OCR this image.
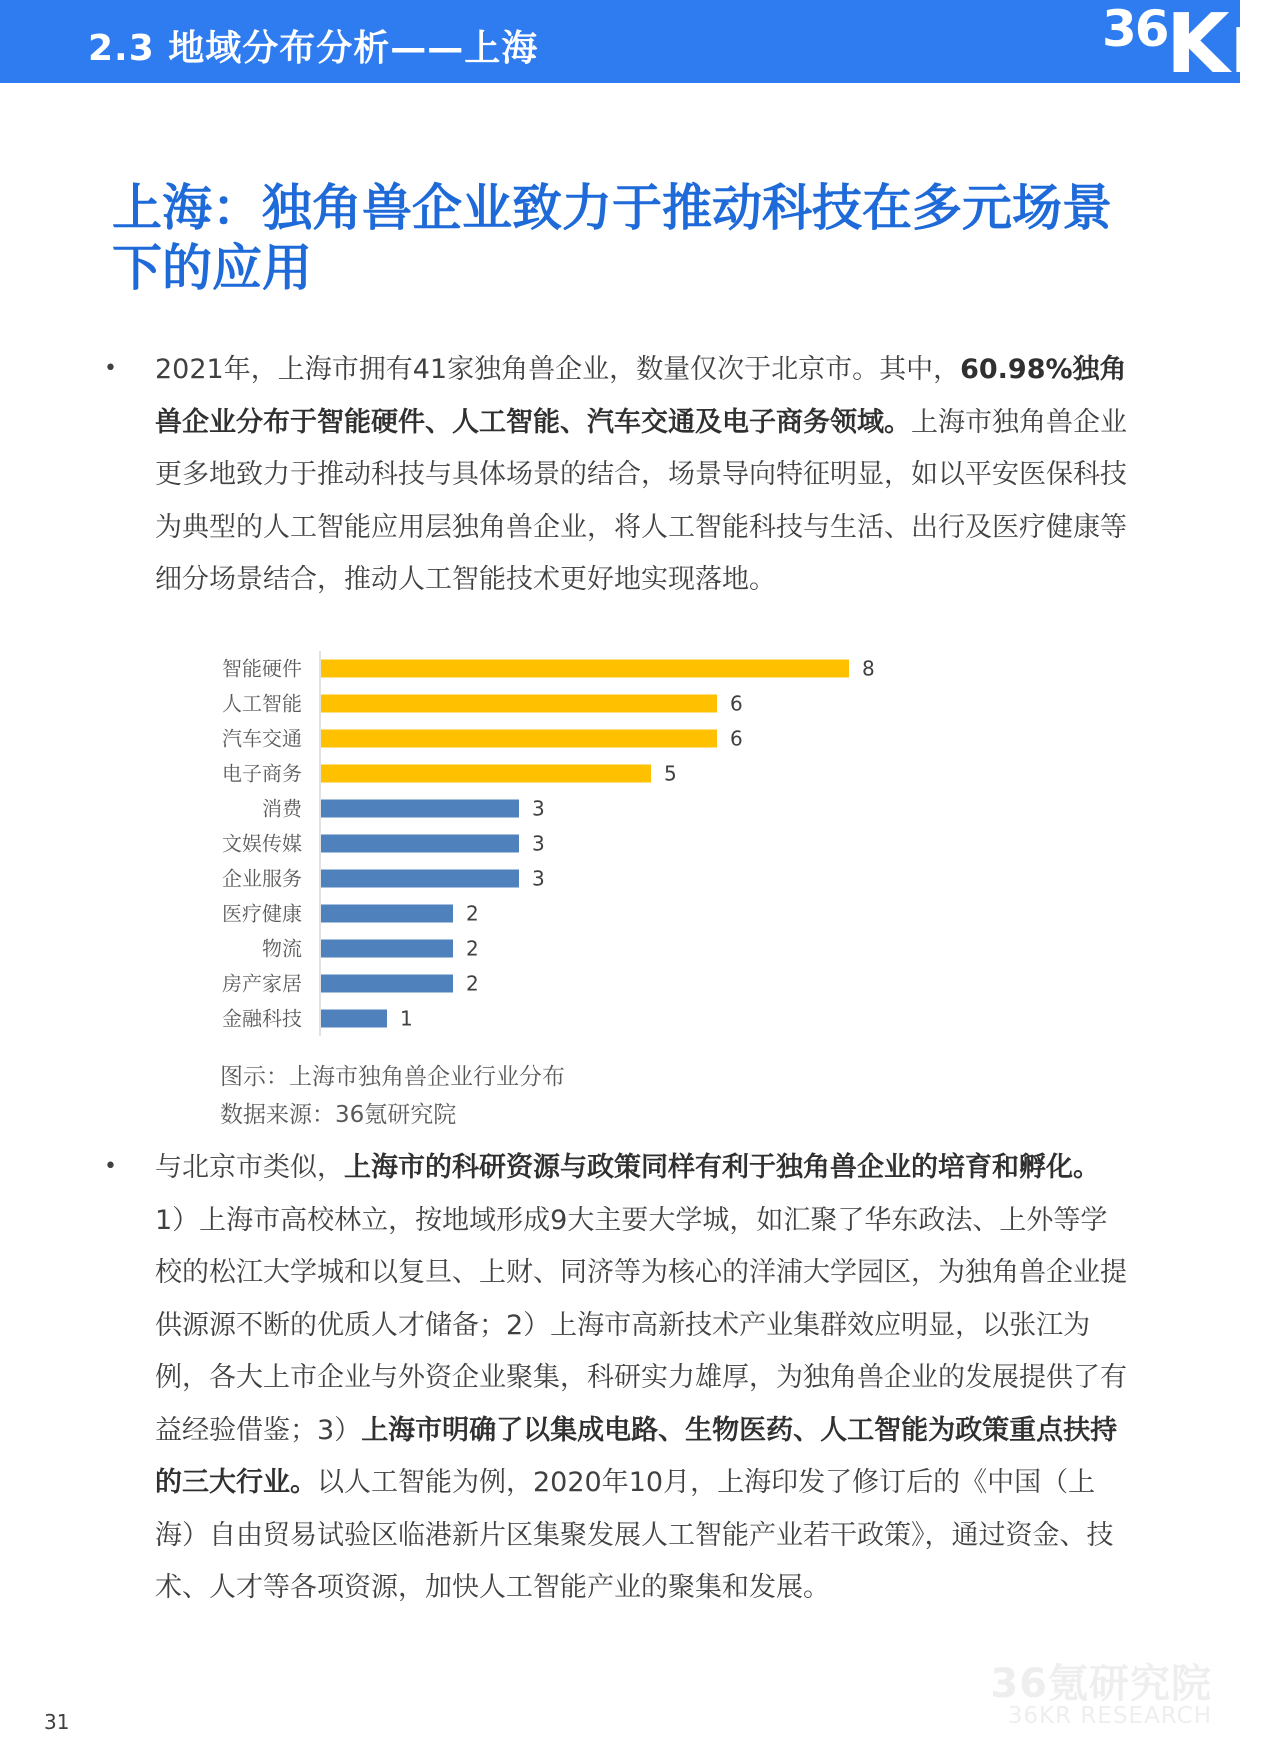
2.3 地域分布分析——上海	36
Kr
上海：独角兽企业致力于推动科技在多元场景下的应用
• 2021年，上海市拥有41家独角兽企业，数量仅次于北京市。其中，60.98%独角兽企业分布于智能硬件、人工智能、汽车交通及电子商务领域。上海市独角兽企业更多地致力于推动科技与具体场景的结合，场景导向特征明显，如以平安医保科技为典型的人工智能应用层独角兽企业，将人工智能科技与生活、出行及医疗健康等细分场景结合，推动人工智能技术更好地实现落地。
智能硬件	8
人工智能	6
汽车交通	6
电子商务	5
消费	3
文娱传媒	3
企业服务	3
医疗健康	2
物流	2
房产家居	2
金融科技	1
图示：上海市独角兽企业行业分布
数据来源：36氪研究院
• 与北京市类似，上海市的科研资源与政策同样有利于独角兽企业的培育和孵化。1）上海市高校林立，按地域形成9大主要大学城，如汇聚了华东政法、上外等学校的松江大学城和以复旦、上财、同济等为核心的洋浦大学园区，为独角兽企业提供源源不断的优质人才储备；2）上海市高新技术产业集群效应明显，以张江为例，各大上市企业与外资企业聚集，科研实力雄厚，为独角兽企业的发展提供了有益经验借鉴；3）上海市明确了以集成电路、生物医药、人工智能为政策重点扶持的三大行业。以人工智能为例，2020年10月，上海印发了修订后的《中国（上海）自由贸易试验区临港新片区集聚发展人工智能产业若干政策》，通过资金、技术、人才等各项资源，加快人工智能产业的聚集和发展。
31
36氪研究院
36KR RESEARCH
